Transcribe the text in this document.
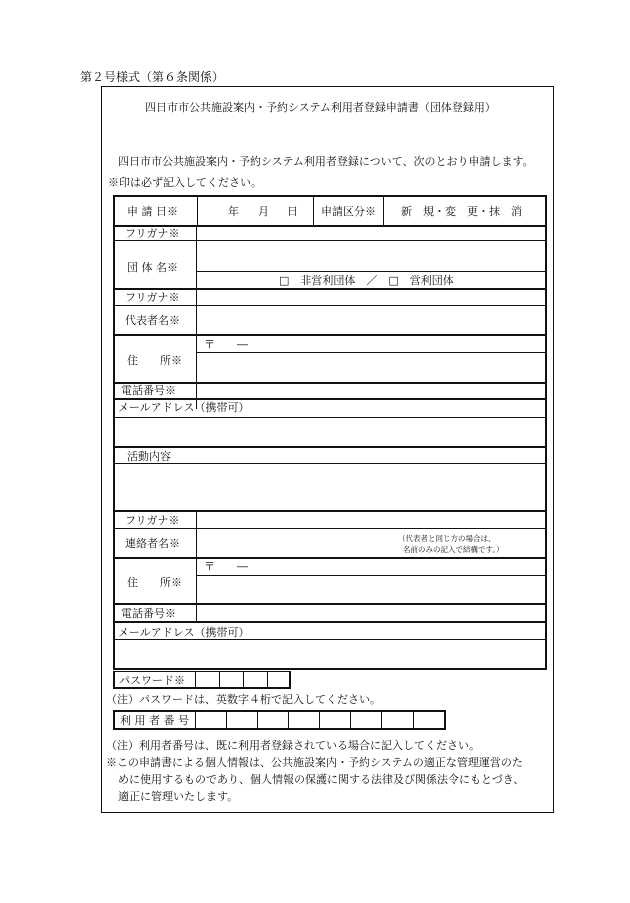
第２号様式（第６条関係）
四日市市公共施設案内・予約システム利用者登録申請書（団体登録用）
四日市市公共施設案内・予約システム利用者登録について、次のとおり申請します。
※印は必ず記入してください。
申 請 日※	年 月 日 申請区分※ 新　規・変　更・抹　消
フリガナ※
団 体 名※
□　非営利団体　／　□　営利団体
フリガナ※
代表者名※
〒　　―
住　　所※
電話番号※
メールアドレス（携帯可）
活動内容
フリガナ※
連絡者名※	（代表者と同じ方の場合は、
名前のみの記入で結構です。）
〒　　―
住　　所※
電話番号※
メールアドレス（携帯可）
パスワード※
（注）パスワードは、英数字４桁で記入してください。
利 用 者 番 号
（注）利用者番号は、既に利用者登録されている場合に記入してください。
※この申請書による個人情報は、公共施設案内・予約システムの適正な管理運営のた
めに使用するものであり、個人情報の保護に関する法律及び関係法令にもとづき、
適正に管理いたします。
